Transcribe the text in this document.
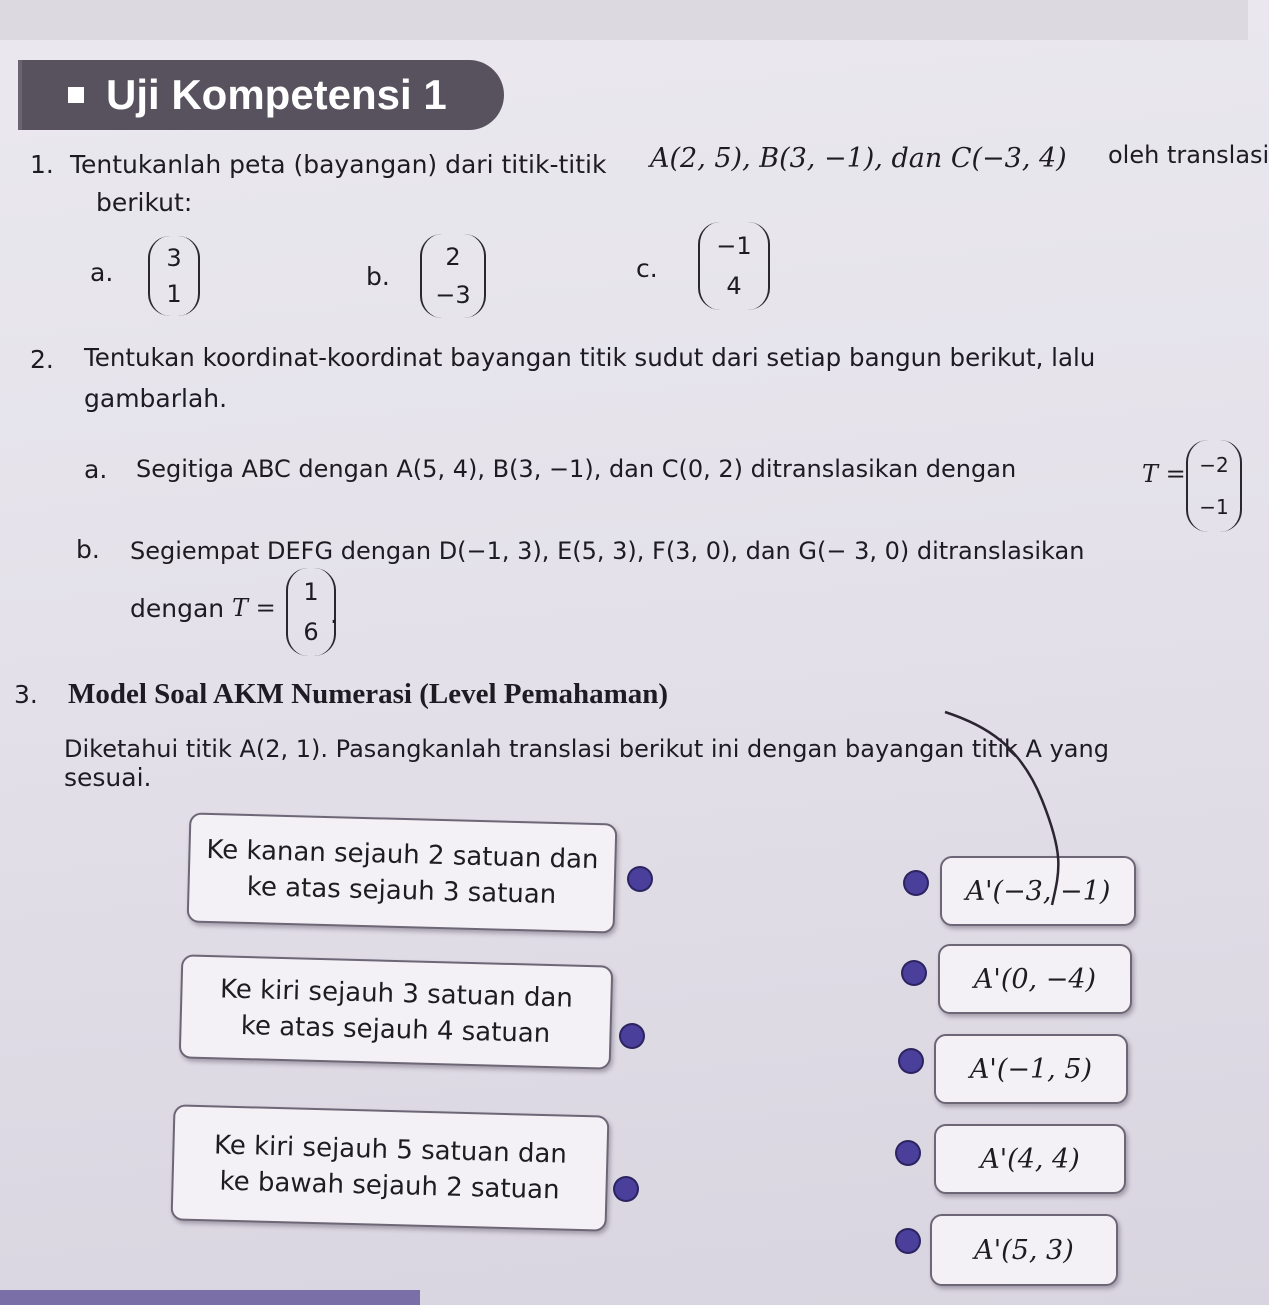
Uji Kompetensi 1
1. Tentukanlah peta (bayangan) dari titik-titik A(2, 5), B(3, −1), dan C(−3, 4) oleh translasi
berikut:
a. 3
1
b.
2
−3
c.
−1
4
2. Tentukan koordinat-koordinat bayangan titik sudut dari setiap bangun berikut, lalu
gambarlah.
a. Segitiga ABC dengan A(5, 4), B(3, −1), dan C(0, 2) ditranslasikan dengan	T = −2
−1
b. Segiempat DEFG dengan D(−1, 3), E(5, 3), F(3, 0), dan G(− 3, 0) ditranslasikan
dengan T =
1
6
.
3. Model Soal AKM Numerasi (Level Pemahaman)
Diketahui titik A(2, 1). Pasangkanlah translasi berikut ini dengan bayangan titik A yang
sesuai.
Ke kanan sejauh 2 satuan dan
ke atas sejauh 3 satuan
Ke kiri sejauh 3 satuan dan
ke atas sejauh 4 satuan
Ke kiri sejauh 5 satuan dan
ke bawah sejauh 2 satuan
A'(−3, −1)
A'(0, −4)
A'(−1, 5)
A'(4, 4)
A'(5, 3)
